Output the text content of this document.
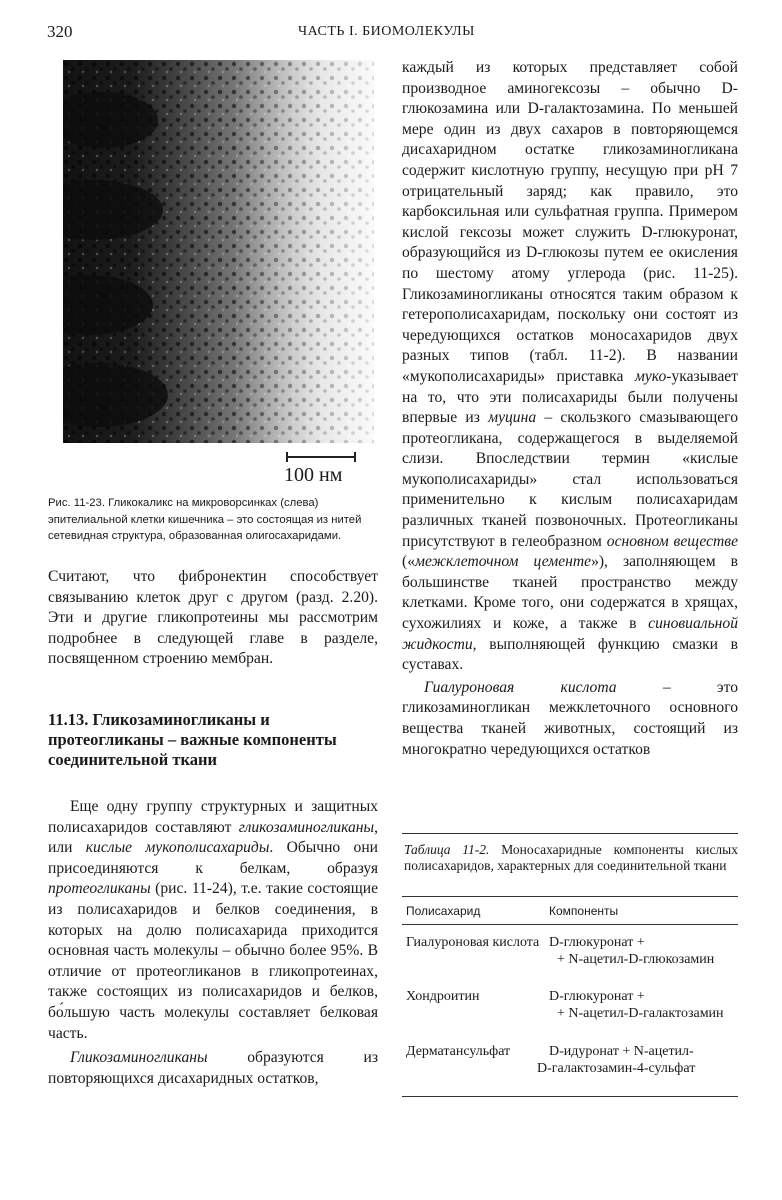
320	ЧАСТЬ I. БИОМОЛЕКУЛЫ
100 нм
Рис. 11-23. Гликокаликс на микроворсинках (слева) эпителиальной клетки кишечника – это состоящая из нитей сетевидная структура, образованная олигосахаридами.

Считают, что фибронектин способствует связыванию клеток друг с другом (разд. 2.20). Эти и другие гликопротеины мы рассмотрим подробнее в следующей главе в разделе, посвященном строению мембран.

11.13. Гликозаминогликаны и протеогликаны – важные компоненты соединительной ткани

Еще одну группу структурных и защитных полисахаридов составляют гликозаминогликаны, или кислые мукополисахариды. Обычно они присоединяются к белкам, образуя протеогликаны (рис. 11-24), т.е. такие состоящие из полисахаридов и белков соединения, в которых на долю полисахарида приходится основная часть молекулы – обычно более 95%. В отличие от протеогликанов в гликопротеинах, также состоящих из полисахаридов и белков, бо́льшую часть молекулы составляет белковая часть.

Гликозаминогликаны образуются из повторяющихся дисахаридных остатков,

каждый из которых представляет собой производное аминогексозы – обычно D-глюкозамина или D-галактозамина. По меньшей мере один из двух сахаров в повторяющемся дисахаридном остатке гликозаминогликана содержит кислотную группу, несущую при pH 7 отрицательный заряд; как правило, это карбоксильная или сульфатная группа. Примером кислой гексозы может служить D-глюкуронат, образующийся из D-глюкозы путем ее окисления по шестому атому углерода (рис. 11-25). Гликозаминогликаны относятся таким образом к гетерополисахаридам, поскольку они состоят из чередующихся остатков моносахаридов двух разных типов (табл. 11-2). В названии «мукополисахариды» приставка муко-указывает на то, что эти полисахариды были получены впервые из муцина – скользкого смазывающего протеогликана, содержащегося в выделяемой слизи. Впоследствии термин «кислые мукополисахариды» стал использоваться применительно к кислым полисахаридам различных тканей позвоночных. Протеогликаны присутствуют в гелеобразном основном веществе («межклеточном цементе»), заполняющем в большинстве тканей пространство между клетками. Кроме того, они содержатся в хрящах, сухожилиях и коже, а также в синовиальной жидкости, выполняющей функцию смазки в суставах.

Гиалуроновая кислота – это гликозаминогликан межклеточного основного вещества тканей животных, состоящий из многократно чередующихся остатков

Таблица 11-2. Моносахаридные компоненты кислых полисахаридов, характерных для соединительной ткани
Полисахарид	Компоненты
Гиалуроновая кислота D-глюкуронат +
+ N-ацетил-D-глюкозамин
Хондроитин	D-глюкуронат +
+ N-ацетил-D-галактозамин
Дерматансульфат	D-идуронат + N-ацетил-
D-галактозамин-4-сульфат
